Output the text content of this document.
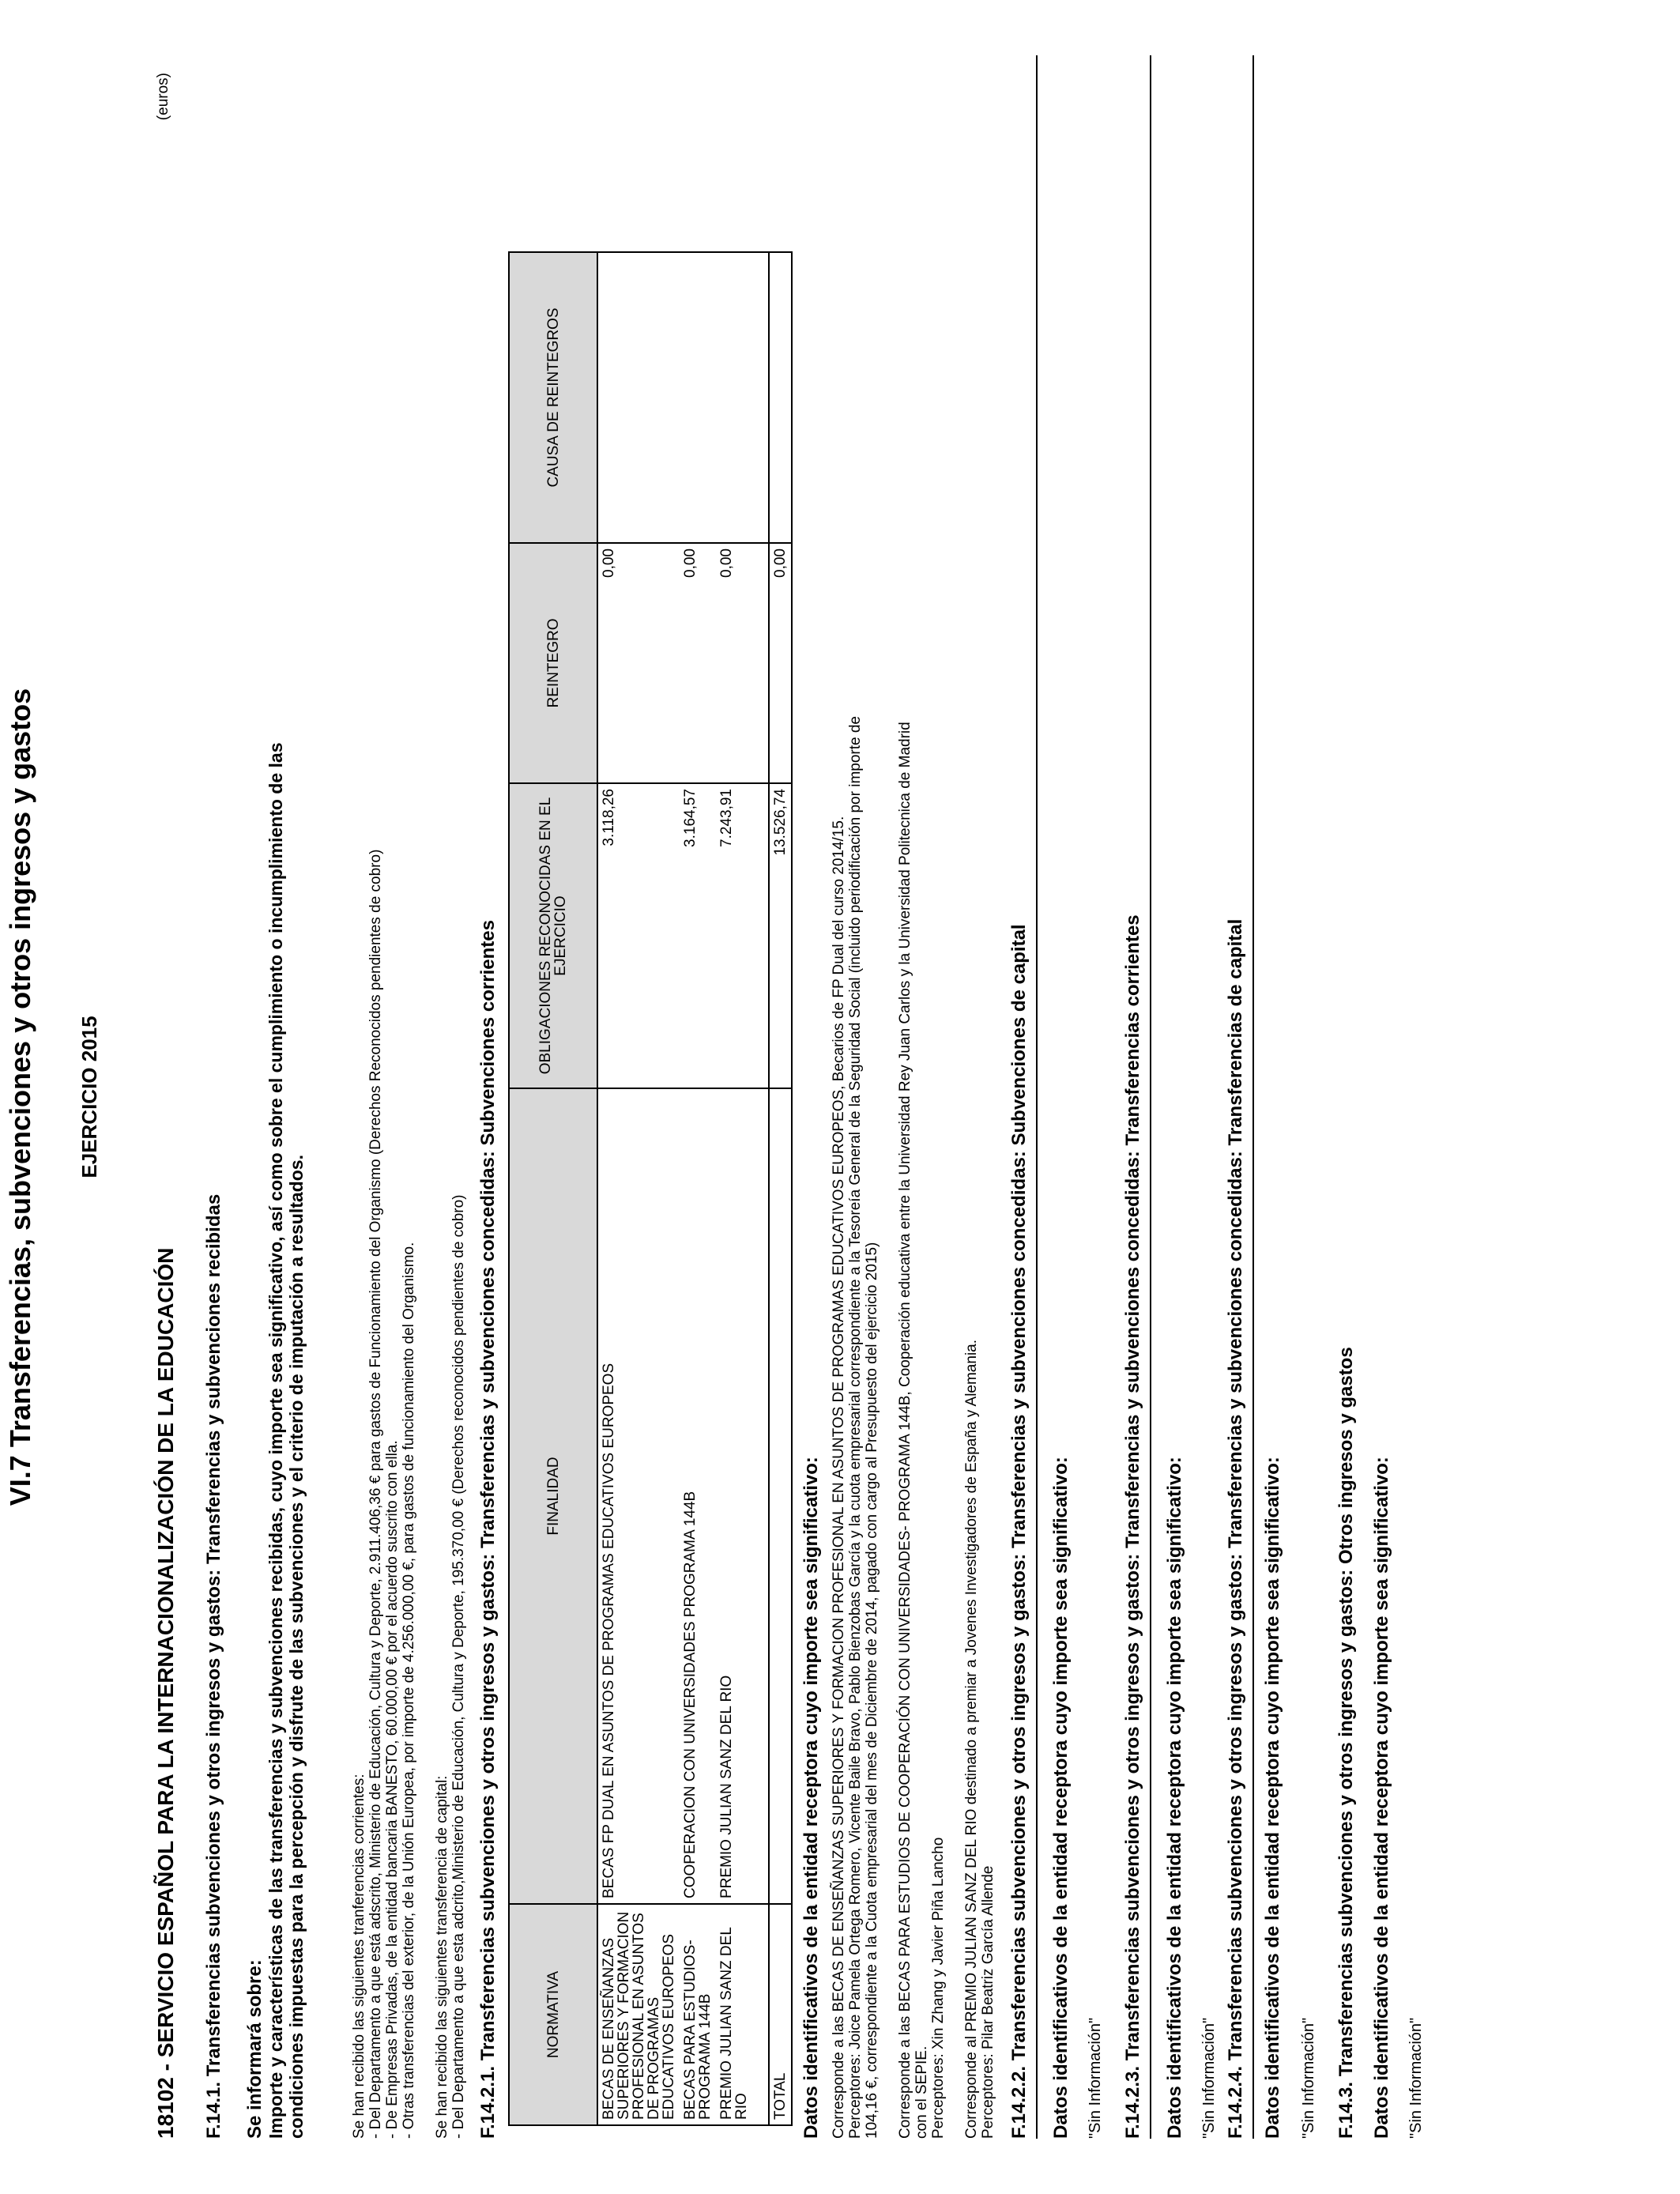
VI.7 Transferencias, subvenciones y otros ingresos y gastos
(euros)
EJERCICIO 2015
18102 - SERVICIO ESPAÑOL PARA LA INTERNACIONALIZACIÓN DE LA EDUCACIÓN F.14.1. Transferencias subvenciones y otros ingresos y gastos: Transferencias y subvenciones recibidas Se informará sobre: Importe y características de las transferencias y subvenciones recibidas, cuyo importe sea significativo, así como sobre el cumplimiento o incumplimiento de las condiciones impuestas para la percepción y disfrute de las subvenciones y el criterio de imputación a resultados.	Se han recibido las siguientes tranferencias corrientes: - Del Departamento a que está adscrito, Ministerio de Educación, Cultura y Deporte, 2.911.406,36 € para gastos de Funcionamiento del Organismo (Derechos Reconocidos pendientes de cobro) - De Empresas Privadas, de la entidad bancaria BANESTO, 60.000,00 € por el acuerdo suscrito con ella. - Otras transferencias del exterior, de la Unión Europea, por importe de 4.256.000,00 €, para gastos de funcionamiento del Organismo. Se han recibido las siguientes transferencia de capital: - Del Departamento a que esta adcrito,Ministerio de Educación, Cultura y Deporte, 195.370,00 € (Derechos reconocidos pendientes de cobro) F.14.2.1. Transferencias subvenciones y otros ingresos y gastos: Transferencias y subvenciones concedidas: Subvenciones corrientes	NORMATIVA	FINALIDAD	OBLIGACIONES RECONOCIDAS EN EL EJERCICIO	REINTEGRO	CAUSA DE REINTEGROS
BECAS DE ENSEÑANZAS SUPERIORES Y FORMACION PROFESIONAL EN ASUNTOS DE PROGRAMAS EDUCATIVOS EUROPEOS	BECAS FP DUAL EN ASUNTOS DE PROGRAMAS EDUCATIVOS EUROPEOS	3.118,26	0,00	
BECAS PARA ESTUDIOS- PROGRAMA 144B	COOPERACION CON UNIVERSIDADES PROGRAMA 144B	3.164,57	0,00	
PREMIO JULIAN SANZ DEL RIO	PREMIO JULIAN SANZ DEL RIO	7.243,91	0,00	
TOTAL		13.526,74	0,00	
Datos identificativos de la entidad receptora cuyo importe sea significativo: Corresponde a las BECAS DE ENSEÑANZAS SUPERIORES Y FORMACION PROFESIONAL EN ASUNTOS DE PROGRAMAS EDUCATIVOS EUROPEOS, Becarios de FP Dual del curso 2014/15. Perceptores: Joice Pamela Ortega Romero, Vicente Baile Bravo, Pablo Bienzobas García y la cuota empresarial correspondiente a la Tesoreía General de la Seguridad Social (incluido periodificación por importe de 104,16 €, correspondiente a la Cuota empresarial del mes de Diciembre de 2014, pagado con cargo al Presupuesto del ejercicio 2015) Corresponde a las BECAS PARA ESTUDIOS DE COOPERACIÓN CON UNIVERSIDADES- PROGRAMA 144B, Cooperación educativa entre la Universidad Rey Juan Carlos y la Universidad Politecnica de Madrid con el SEPIE. Perceptores: Xin Zhang y Javier Piña Lancho Corresponde al PREMIO JULIAN SANZ DEL RIO destinado a premiar a Jovenes Investigadores de España y Alemania. Perceptores: Pilar Beatriz García Allende F.14.2.2. Transferencias subvenciones y otros ingresos y gastos: Transferencias y subvenciones concedidas: Subvenciones de capital Datos identificativos de la entidad receptora cuyo importe sea significativo: "Sin Información" F.14.2.3. Transferencias subvenciones y otros ingresos y gastos: Transferencias y subvenciones concedidas: Transferencias corrientes Datos identificativos de la entidad receptora cuyo importe sea significativo: "Sin Información" F.14.2.4. Transferencias subvenciones y otros ingresos y gastos: Transferencias y subvenciones concedidas: Transferencias de capital Datos identificativos de la entidad receptora cuyo importe sea significativo: "Sin Información" F.14.3. Transferencias subvenciones y otros ingresos y gastos: Otros ingresos y gastos Datos identificativos de la entidad receptora cuyo importe sea significativo: "Sin Información"
